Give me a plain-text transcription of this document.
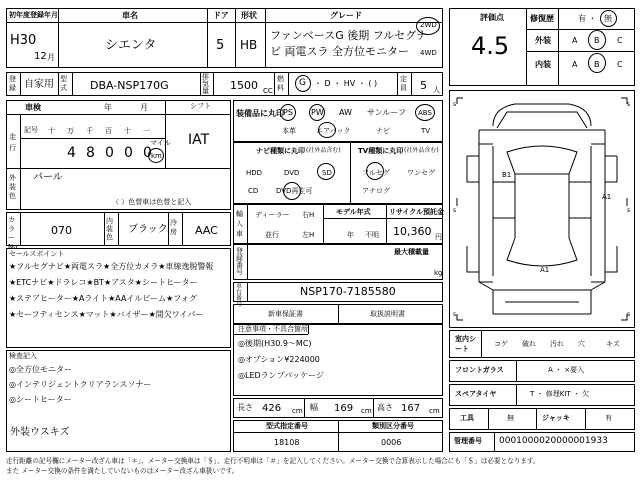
初年度登録年月
H30
12 月
車名
シエンタ
ドア
5
形状
HB
グレード
ファンベースG 後期 フルセグナ
ビ 両電スラ 全方位モニター
2WD
4WD
登
録 自家用 型式 DBA-NSP170G
排気量 1500 CC
燃料	G ・ D ・ HV ・ ( )	定員 5 人
車検	年	月
走行
記号 十 万 千 百 十 一
4 8 0 0 0
マイル
km
シフト
IAT
外装色
パール
（ ）色替車は色替と記入
カラーNo.
070
内装色
ブラック
冷房 AAC
装備品に丸印 PS PW AW サンルーフ ABS
本革	エアバック	ナビ	TV
ナビ種類に丸印 (社外品含む)
HDD	DVD	SD
CD	DVD再生可
TV種類に丸印 (社外品含む)
フルセグ ワンセグ
アナログ
輸入車
ディーラー 右H
並行	左H
モデル年式
年 不明
リサイクル預託金
10,360 円
登録番号
最大積載量
kg
車台番号
NSP170-7185580
新車保証書	取扱説明書
セールスポイント
★フルセグナビ★両電スラ★全方位カメラ★車線逸脱警報
★ETCナビ★ドラレコ★BT★アスタ★シートヒーター
★ステアヒーター★Aライト★AAイルビーム★フォグ
★セーフティセンス★マット★バイザー★間欠ワイパー
検査記入
◎全方位モニター
◎インテリジェントクリアランスソナー
◎シートヒーター
外装ウスキズ
注意事項・不具合箇所
◎後期(H30.9～MC)
◎オプション¥224000
◎LEDランプパッケージ
長さ 426 cm 幅 169 cm 高さ 167 cm
型式指定番号
18108
類別区分番号
0006
評価点
4.5
修復歴	有 ・ 無
外装	A B C
内装	A B C
s	s
s	s
s	s
B1
A1
A1
室内シート
コゲ 破れ 汚れ 穴	キズ
フロントガラス	A ・ ×要入
スペアタイヤ	T ・ 修理KIT ・ 欠
工具	無	ジャッキ	有
管理番号 0001000020000001933
走行距離の記号欄にメーター改ざん車は「＊」、メーター交換車は「＄」、走行不明車は「＃」を記入してください。メーター交換で合算表示した場合にも「＄」は必要となります。
また メーター交換の条件を満たしていないものはメーター改ざん車扱いです。
